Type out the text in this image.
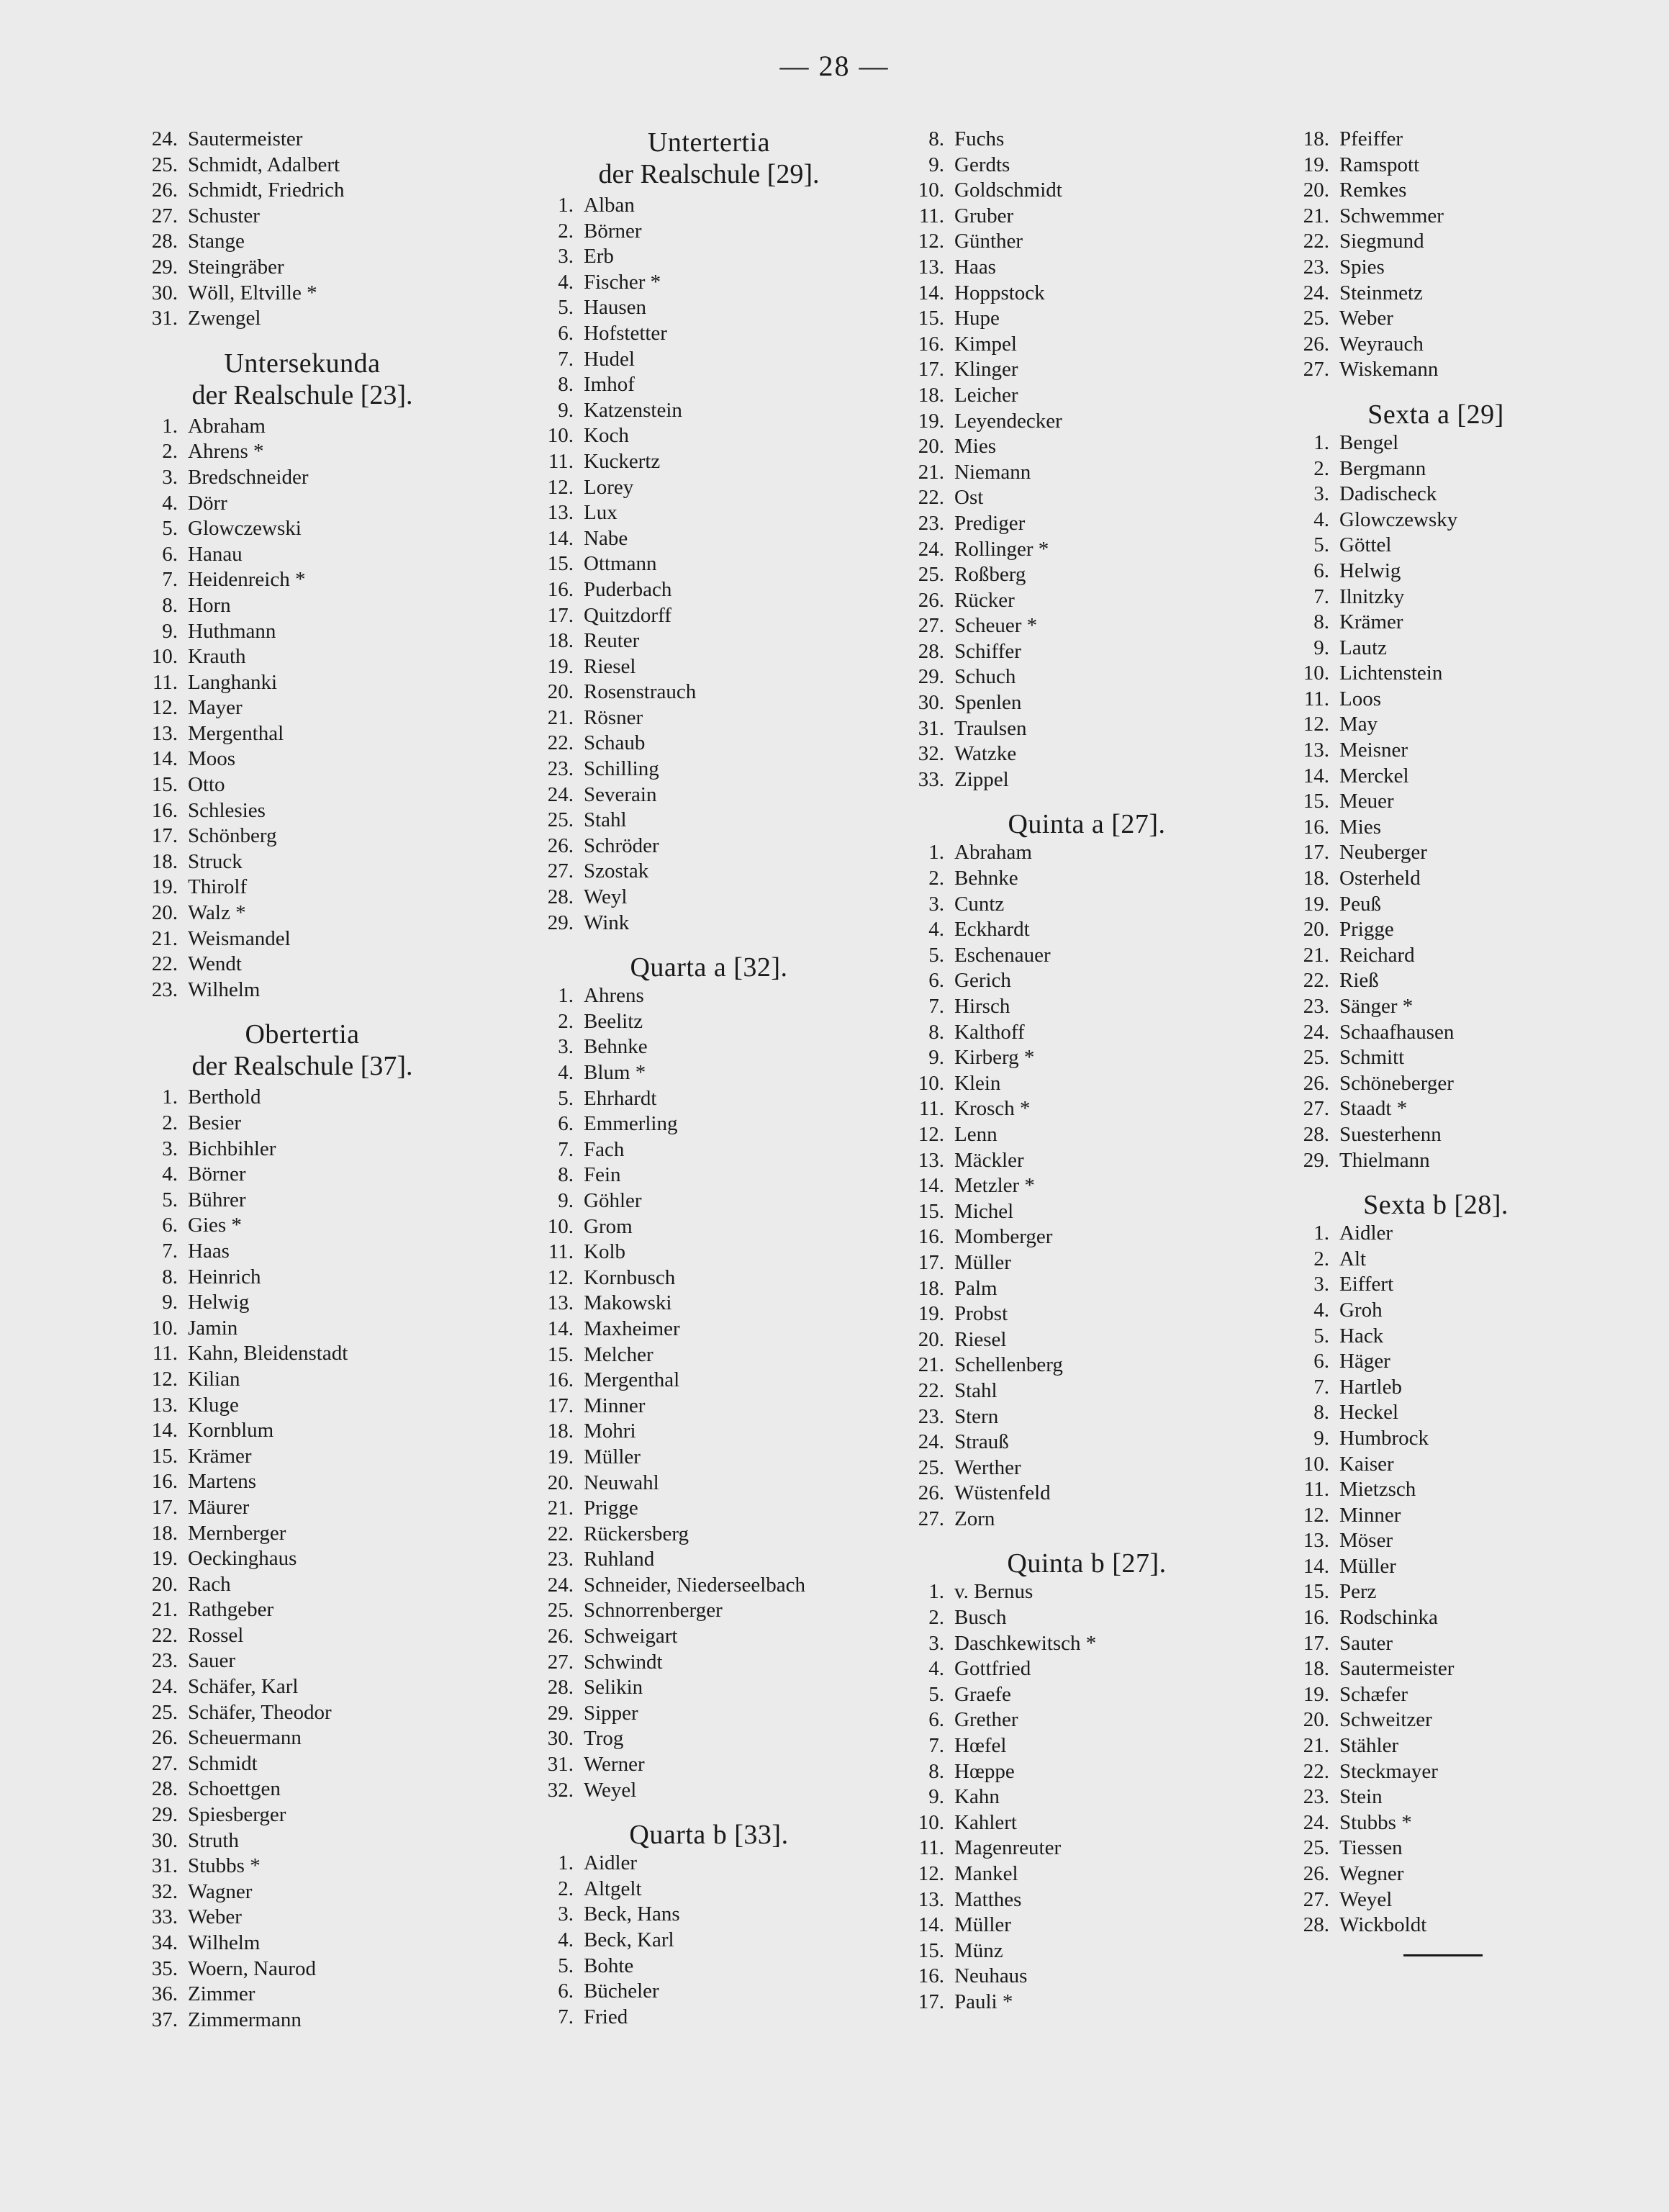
— 28 —
24. Sautermeister
25. Schmidt, Adalbert
26. Schmidt, Friedrich
27. Schuster
28. Stange
29. Steingräber
30. Wöll, Eltville *
31. Zwengel
Untersekunda
der Realschule [23].
1. Abraham
2. Ahrens *
3. Bredschneider
4. Dörr
5. Glowczewski
6. Hanau
7. Heidenreich *
8. Horn
9. Huthmann
10. Krauth
11. Langhanki
12. Mayer
13. Mergenthal
14. Moos
15. Otto
16. Schlesies
17. Schönberg
18. Struck
19. Thirolf
20. Walz *
21. Weismandel
22. Wendt
23. Wilhelm
Obertertia
der Realschule [37].
1. Berthold
2. Besier
3. Bichbihler
4. Börner
5. Bührer
6. Gies *
7. Haas
8. Heinrich
9. Helwig
10. Jamin
11. Kahn, Bleidenstadt
12. Kilian
13. Kluge
14. Kornblum
15. Krämer
16. Martens
17. Mäurer
18. Mernberger
19. Oeckinghaus
20. Rach
21. Rathgeber
22. Rossel
23. Sauer
24. Schäfer, Karl
25. Schäfer, Theodor
26. Scheuermann
27. Schmidt
28. Schoettgen
29. Spiesberger
30. Struth
31. Stubbs *
32. Wagner
33. Weber
34. Wilhelm
35. Woern, Naurod
36. Zimmer
37. Zimmermann
Untertertia
der Realschule [29].
1. Alban
2. Börner
3. Erb
4. Fischer *
5. Hausen
6. Hofstetter
7. Hudel
8. Imhof
9. Katzenstein
10. Koch
11. Kuckertz
12. Lorey
13. Lux
14. Nabe
15. Ottmann
16. Puderbach
17. Quitzdorff
18. Reuter
19. Riesel
20. Rosenstrauch
21. Rösner
22. Schaub
23. Schilling
24. Severain
25. Stahl
26. Schröder
27. Szostak
28. Weyl
29. Wink
Quarta a [32].
1. Ahrens
2. Beelitz
3. Behnke
4. Blum *
5. Ehrhardt
6. Emmerling
7. Fach
8. Fein
9. Göhler
10. Grom
11. Kolb
12. Kornbusch
13. Makowski
14. Maxheimer
15. Melcher
16. Mergenthal
17. Minner
18. Mohri
19. Müller
20. Neuwahl
21. Prigge
22. Rückersberg
23. Ruhland
24. Schneider, Niederseelbach
25. Schnorrenberger
26. Schweigart
27. Schwindt
28. Selikin
29. Sipper
30. Trog
31. Werner
32. Weyel
Quarta b [33].
1. Aidler
2. Altgelt
3. Beck, Hans
4. Beck, Karl
5. Bohte
6. Bücheler
7. Fried
8. Fuchs
9. Gerdts
10. Goldschmidt
11. Gruber
12. Günther
13. Haas
14. Hoppstock
15. Hupe
16. Kimpel
17. Klinger
18. Leicher
19. Leyendecker
20. Mies
21. Niemann
22. Ost
23. Prediger
24. Rollinger *
25. Roßberg
26. Rücker
27. Scheuer *
28. Schiffer
29. Schuch
30. Spenlen
31. Traulsen
32. Watzke
33. Zippel
Quinta a [27].
1. Abraham
2. Behnke
3. Cuntz
4. Eckhardt
5. Eschenauer
6. Gerich
7. Hirsch
8. Kalthoff
9. Kirberg *
10. Klein
11. Krosch *
12. Lenn
13. Mäckler
14. Metzler *
15. Michel
16. Momberger
17. Müller
18. Palm
19. Probst
20. Riesel
21. Schellenberg
22. Stahl
23. Stern
24. Strauß
25. Werther
26. Wüstenfeld
27. Zorn
Quinta b [27].
1. v. Bernus
2. Busch
3. Daschkewitsch *
4. Gottfried
5. Graefe
6. Grether
7. Hœfel
8. Hœppe
9. Kahn
10. Kahlert
11. Magenreuter
12. Mankel
13. Matthes
14. Müller
15. Münz
16. Neuhaus
17. Pauli *
18. Pfeiffer
19. Ramspott
20. Remkes
21. Schwemmer
22. Siegmund
23. Spies
24. Steinmetz
25. Weber
26. Weyrauch
27. Wiskemann
Sexta a [29]
1. Bengel
2. Bergmann
3. Dadischeck
4. Glowczewsky
5. Göttel
6. Helwig
7. Ilnitzky
8. Krämer
9. Lautz
10. Lichtenstein
11. Loos
12. May
13. Meisner
14. Merckel
15. Meuer
16. Mies
17. Neuberger
18. Osterheld
19. Peuß
20. Prigge
21. Reichard
22. Rieß
23. Sänger *
24. Schaafhausen
25. Schmitt
26. Schöneberger
27. Staadt *
28. Suesterhenn
29. Thielmann
Sexta b [28].
1. Aidler
2. Alt
3. Eiffert
4. Groh
5. Hack
6. Häger
7. Hartleb
8. Heckel
9. Humbrock
10. Kaiser
11. Mietzsch
12. Minner
13. Möser
14. Müller
15. Perz
16. Rodschinka
17. Sauter
18. Sautermeister
19. Schæfer
20. Schweitzer
21. Stähler
22. Steckmayer
23. Stein
24. Stubbs *
25. Tiessen
26. Wegner
27. Weyel
28. Wickboldt
